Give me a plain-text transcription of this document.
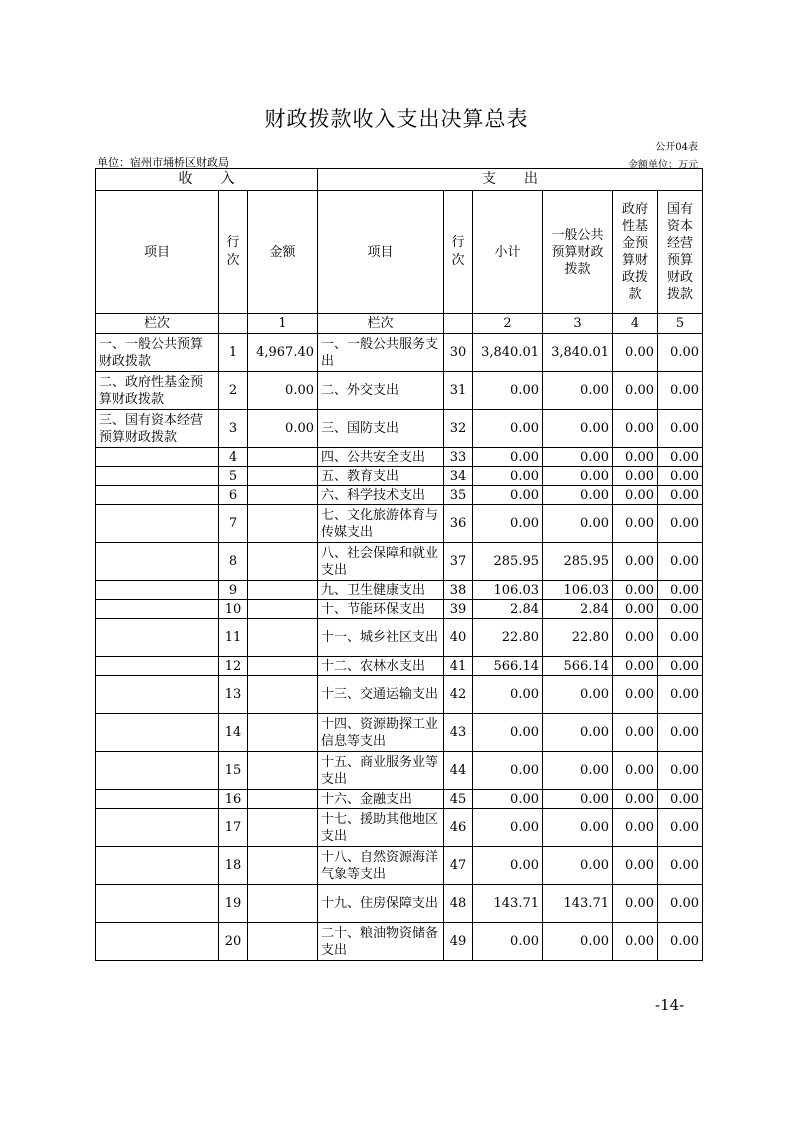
财政拨款收入支出决算总表
公开04表
单位：宿州市埇桥区财政局	金额单位：万元
收　　入			支　　出					
项目	行次	金额	项目	行次	小计	一般公共预算财政拨款	政府性基金预算财政拨款	国有资本经营预算财政拨款
栏次		1	栏次		2	3	4	5
一、一般公共预算财政拨款	1	4,967.40	一、一般公共服务支出	30	3,840.01	3,840.01	0.00	0.00
二、政府性基金预算财政拨款	2	0.00	二、外交支出	31	0.00	0.00	0.00	0.00
三、国有资本经营预算财政拨款	3	0.00	三、国防支出	32	0.00	0.00	0.00	0.00
	4		四、公共安全支出	33	0.00	0.00	0.00	0.00
	5		五、教育支出	34	0.00	0.00	0.00	0.00
	6		六、科学技术支出	35	0.00	0.00	0.00	0.00
	7		七、文化旅游体育与传媒支出	36	0.00	0.00	0.00	0.00
	8		八、社会保障和就业支出	37	285.95	285.95	0.00	0.00
	9		九、卫生健康支出	38	106.03	106.03	0.00	0.00
	10		十、节能环保支出	39	2.84	2.84	0.00	0.00
	11		十一、城乡社区支出	40	22.80	22.80	0.00	0.00
	12		十二、农林水支出	41	566.14	566.14	0.00	0.00
	13		十三、交通运输支出	42	0.00	0.00	0.00	0.00
	14		十四、资源勘探工业信息等支出	43	0.00	0.00	0.00	0.00
	15		十五、商业服务业等支出	44	0.00	0.00	0.00	0.00
	16		十六、金融支出	45	0.00	0.00	0.00	0.00
	17		十七、援助其他地区支出	46	0.00	0.00	0.00	0.00
	18		十八、自然资源海洋气象等支出	47	0.00	0.00	0.00	0.00
	19		十九、住房保障支出	48	143.71	143.71	0.00	0.00
	20		二十、粮油物资储备支出	49	0.00	0.00	0.00	0.00
-14-
